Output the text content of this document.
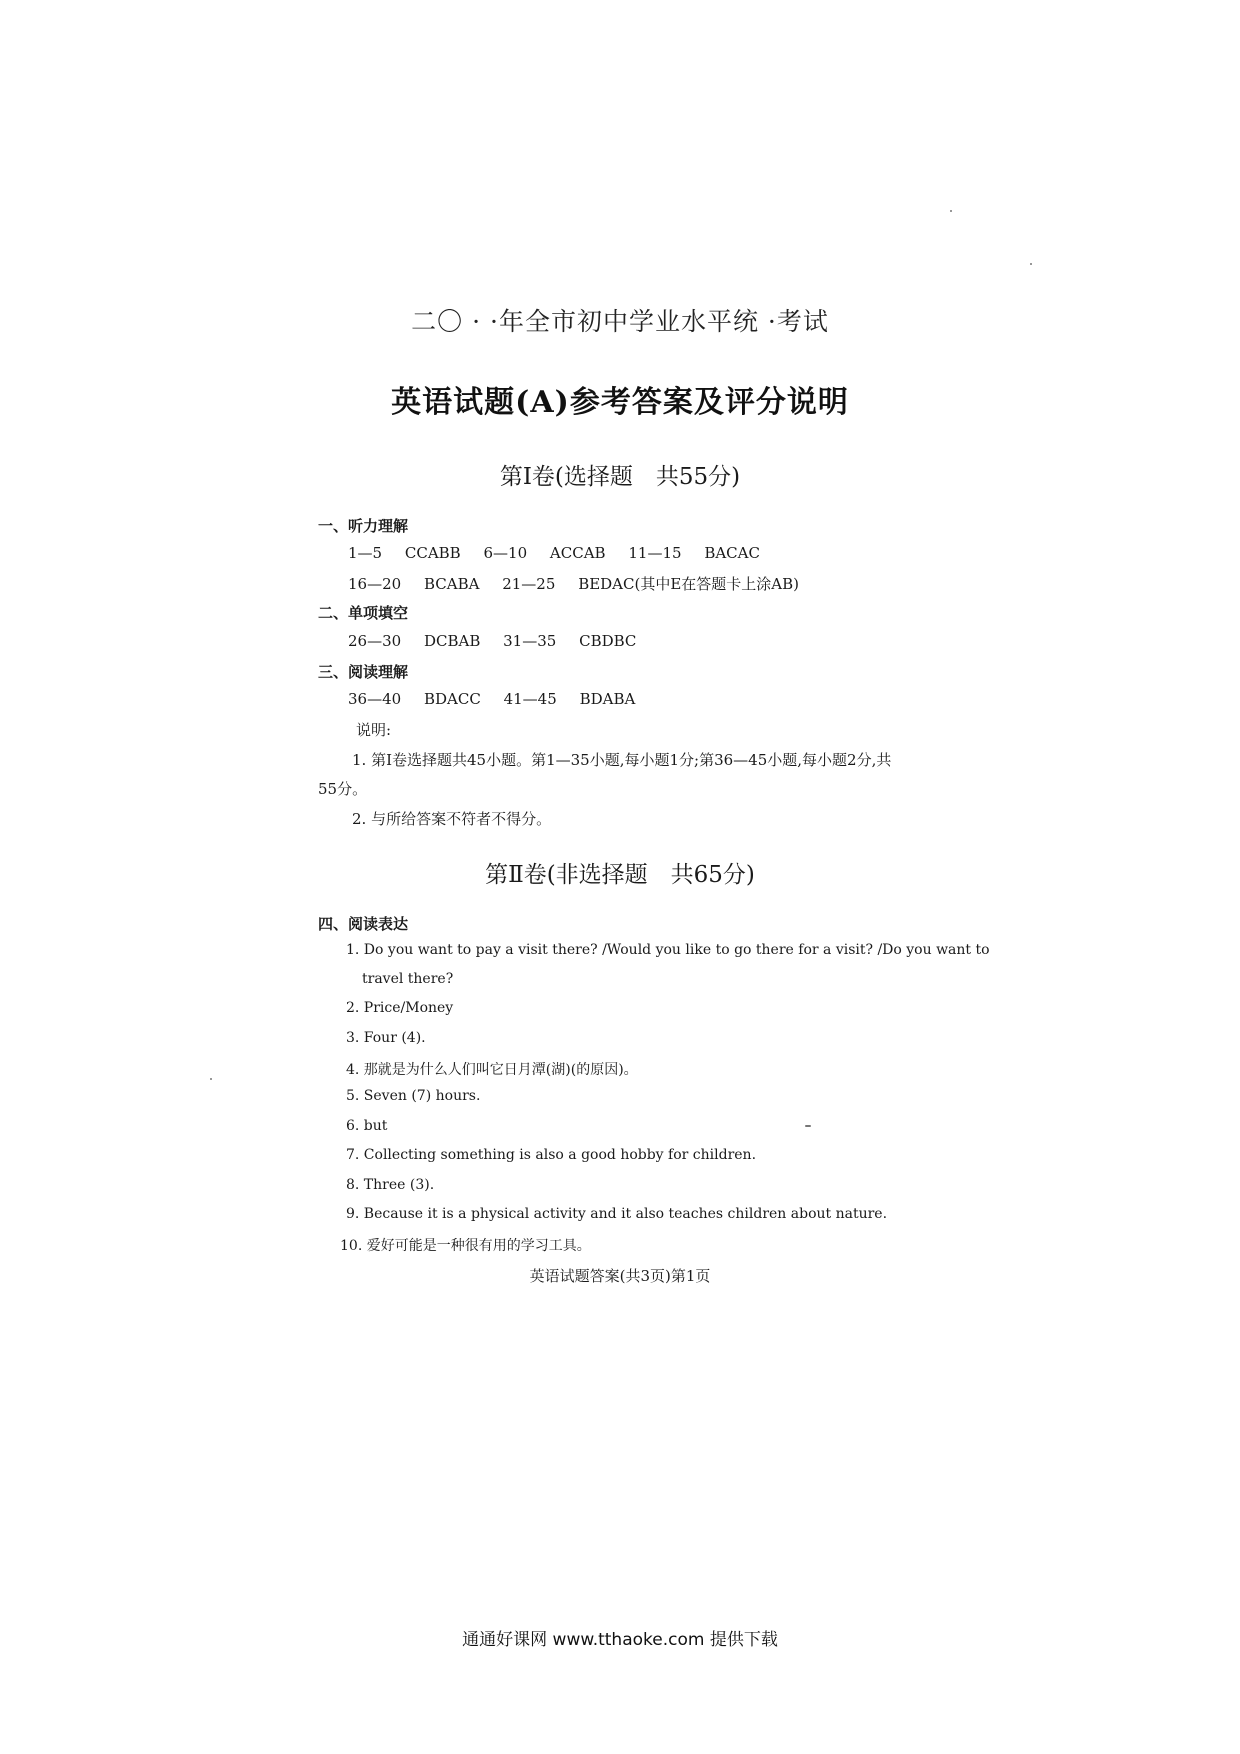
二〇 · ·年全市初中学业水平统 ·考试
英语试题(A)参考答案及评分说明
第Ⅰ卷(选择题　共55分)
一、听力理解
1—5 CCABB 6—10 ACCAB 11—15 BACAC
16—20 BCABA 21—25 BEDAC(其中E在答题卡上涂AB)
二、单项填空
26—30 DCBAB 31—35 CBDBC
三、阅读理解
36—40 BDACC 41—45 BDABA
说明:
1. 第Ⅰ卷选择题共45小题。第1—35小题,每小题1分;第36—45小题,每小题2分,共
55分。
2. 与所给答案不符者不得分。
第Ⅱ卷(非选择题　共65分)
四、阅读表达
1. Do you want to pay a visit there? /Would you like to go there for a visit? /Do you want to
travel there?
2. Price/Money
3. Four (4).
4. 那就是为什么人们叫它日月潭(湖)(的原因)。
5. Seven (7) hours.
6. but
7. Collecting something is also a good hobby for children.
8. Three (3).
9. Because it is a physical activity and it also teaches children about nature.
10. 爱好可能是一种很有用的学习工具。
英语试题答案(共3页)第1页
通通好课网 www.tthaoke.com 提供下载
